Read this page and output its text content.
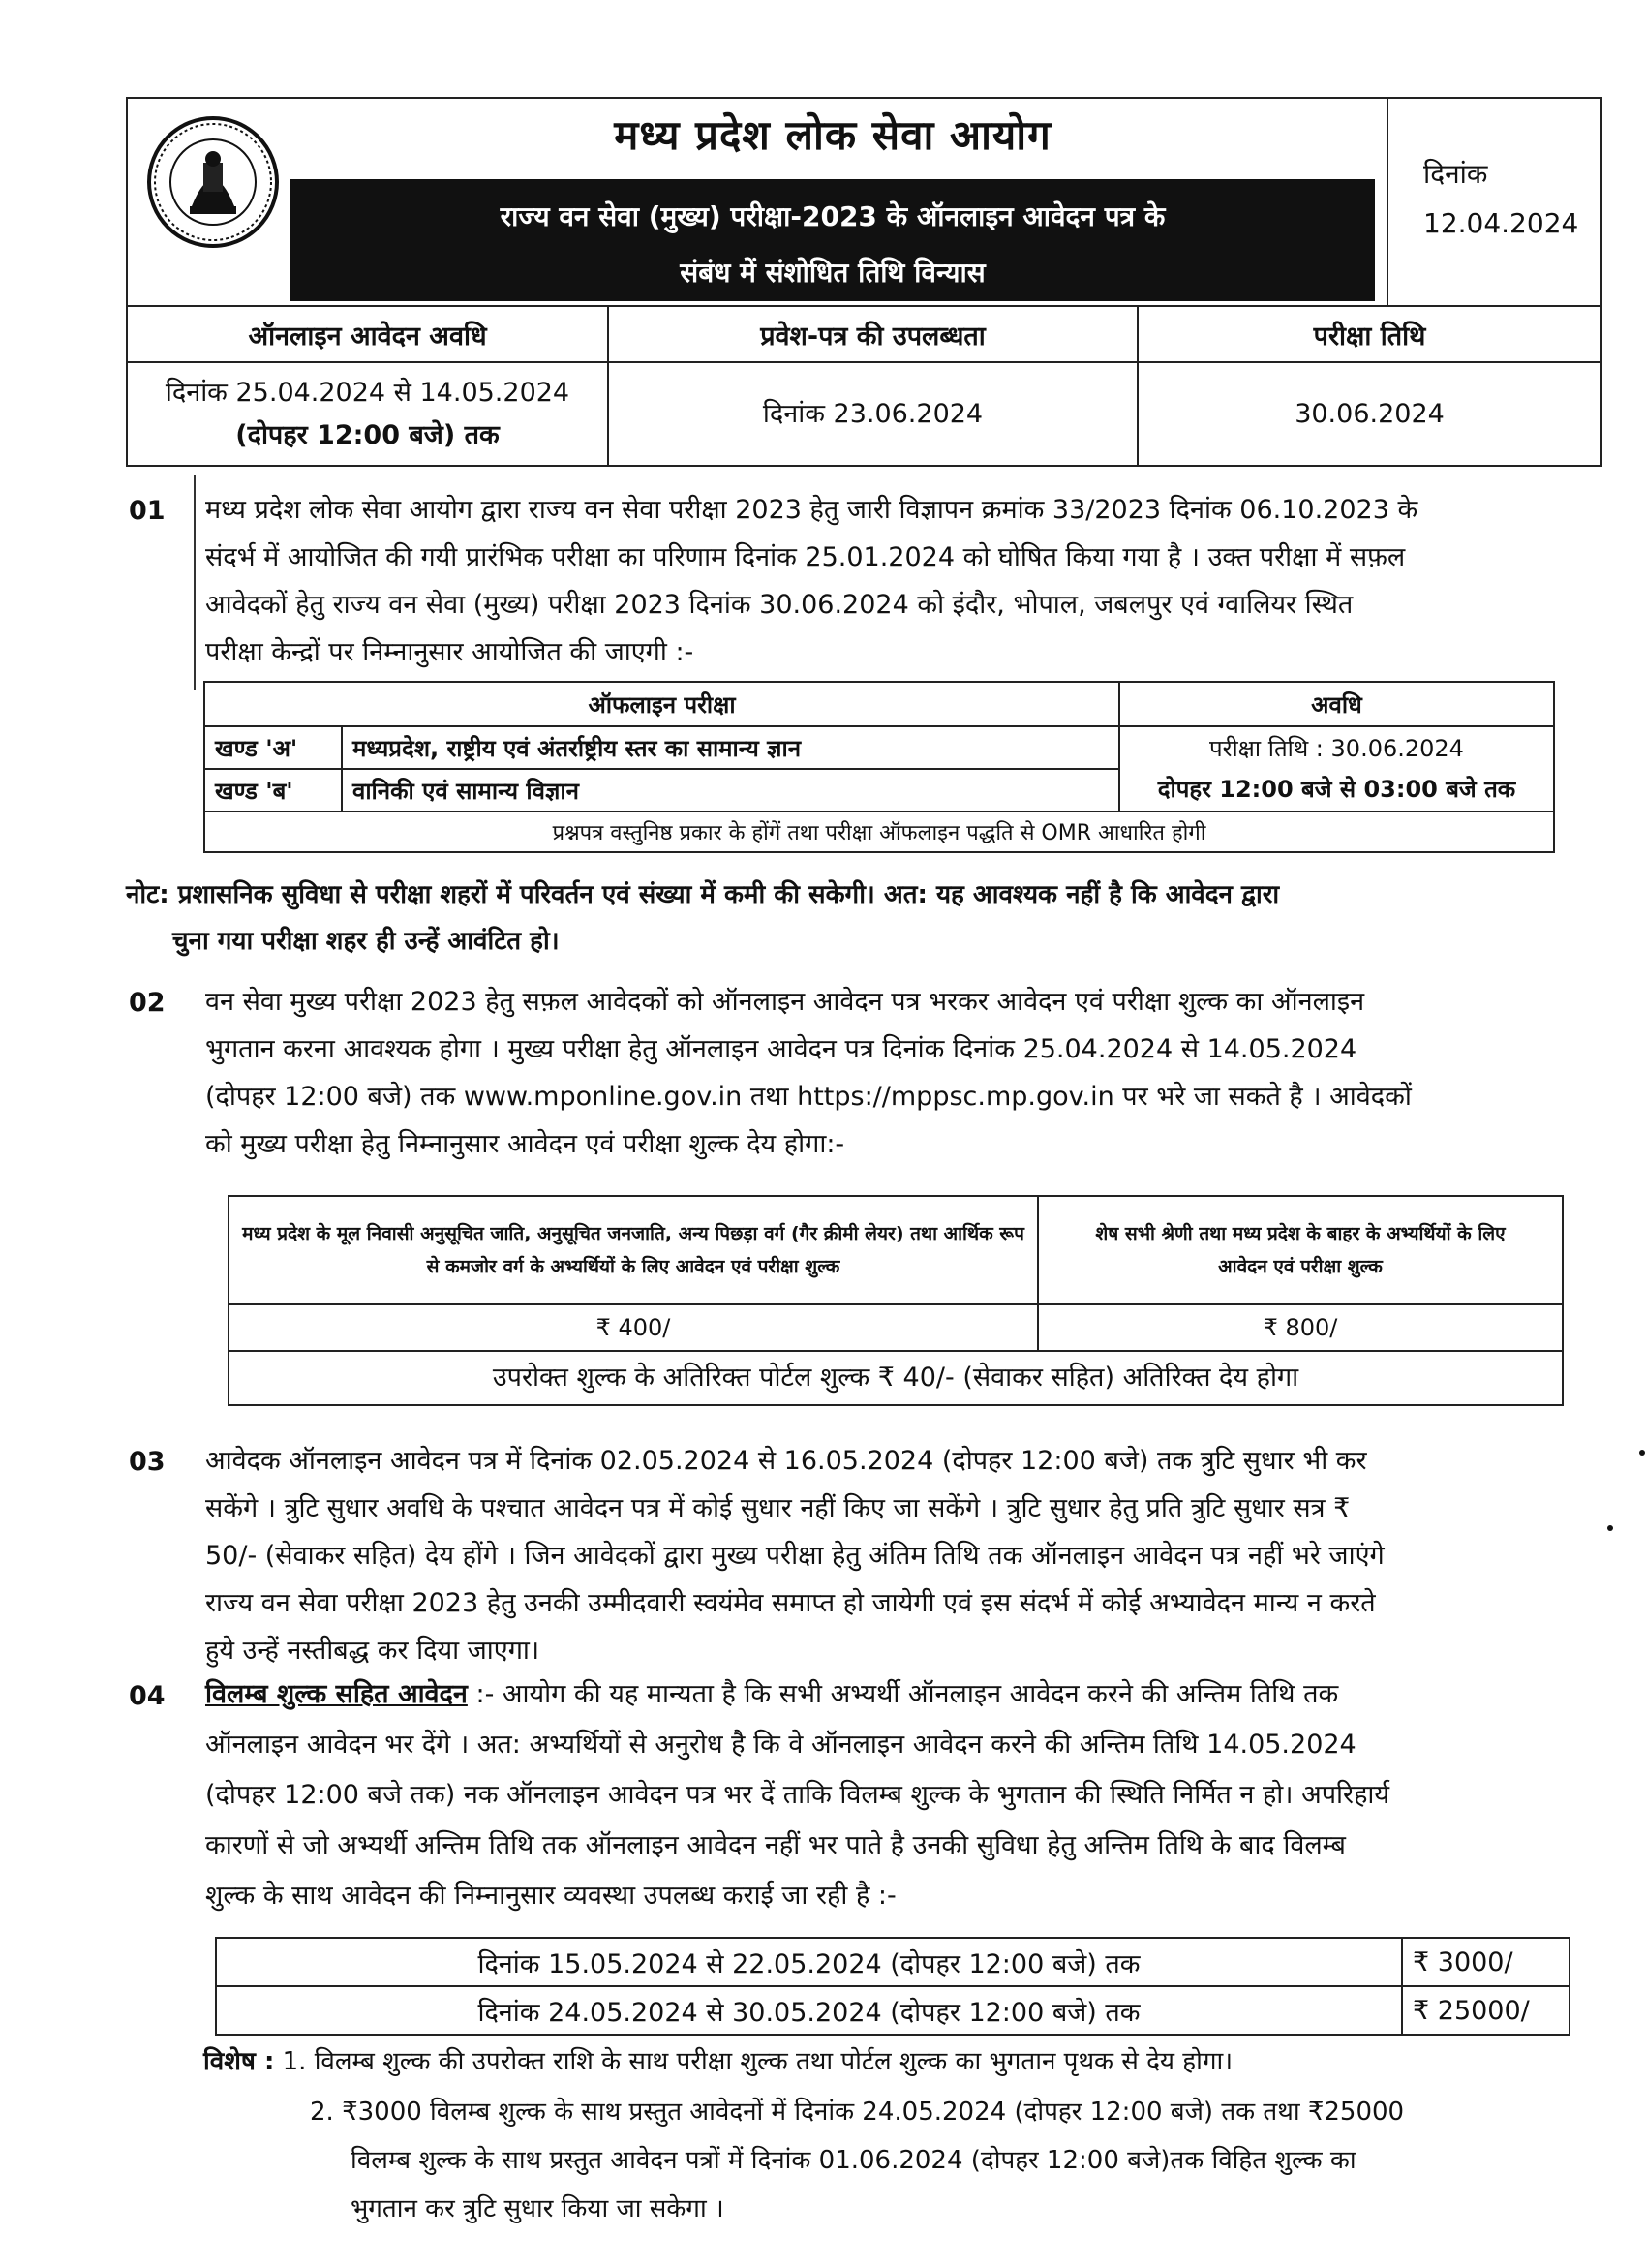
मध्य प्रदेश लोक सेवा आयोग
राज्य वन सेवा (मुख्य) परीक्षा-2023 के ऑनलाइन आवेदन पत्र के
संबंध में संशोधित तिथि विन्यास
दिनांक
12.04.2024
ऑनलाइन आवेदन अवधि	प्रवेश-पत्र की उपलब्धता	परीक्षा तिथि

दिनांक 25.04.2024 से 14.05.2024
(दोपहर 12:00 बजे) तक	दिनांक 23.06.2024	30.06.2024
01 मध्य प्रदेश लोक सेवा आयोग द्वारा राज्य वन सेवा परीक्षा 2023 हेतु जारी विज्ञापन क्रमांक 33/2023 दिनांक 06.10.2023 के
संदर्भ में आयोजित की गयी प्रारंभिक परीक्षा का परिणाम दिनांक 25.01.2024 को घोषित किया गया है । उक्त परीक्षा में सफ़ल
आवेदकों हेतु राज्य वन सेवा (मुख्य) परीक्षा 2023 दिनांक 30.06.2024 को इंदौर, भोपाल, जबलपुर एवं ग्वालियर स्थित
परीक्षा केन्द्रों पर निम्नानुसार आयोजित की जाएगी :-
ऑफलाइन परीक्षा		अवधि
खण्ड 'अ'	मध्यप्रदेश, राष्ट्रीय एवं अंतर्राष्ट्रीय स्तर का सामान्य ज्ञान	परीक्षा तिथि : 30.06.2024
दोपहर 12:00 बजे से 03:00 बजे तक

खण्ड 'ब'	वानिकी एवं सामान्य विज्ञान	
प्रश्नपत्र वस्तुनिष्ठ प्रकार के होंगें तथा परीक्षा ऑफलाइन पद्धति से OMR आधारित होगी		
नोट: प्रशासनिक सुविधा से परीक्षा शहरों में परिवर्तन एवं संख्या में कमी की सकेगी। अत: यह आवश्यक नहीं है कि आवेदन द्वारा
चुना गया परीक्षा शहर ही उन्हें आवंटित हो।
02 वन सेवा मुख्य परीक्षा 2023 हेतु सफ़ल आवेदकों को ऑनलाइन आवेदन पत्र भरकर आवेदन एवं परीक्षा शुल्क का ऑनलाइन
भुगतान करना आवश्यक होगा । मुख्य परीक्षा हेतु ऑनलाइन आवेदन पत्र दिनांक दिनांक 25.04.2024 से 14.05.2024
(दोपहर 12:00 बजे) तक www.mponline.gov.in तथा https://mppsc.mp.gov.in पर भरे जा सकते है । आवेदकों
को मुख्य परीक्षा हेतु निम्नानुसार आवेदन एवं परीक्षा शुल्क देय होगा:-
मध्य प्रदेश के मूल निवासी अनुसूचित जाति, अनुसूचित जनजाति, अन्य पिछड़ा वर्ग (गैर क्रीमी लेयर) तथा आर्थिक रूप से कमजोर वर्ग के अभ्यर्थियों के लिए आवेदन एवं परीक्षा शुल्क	शेष सभी श्रेणी तथा मध्य प्रदेश के बाहर के अभ्यर्थियों के लिए आवेदन एवं परीक्षा शुल्क
₹ 400/	₹ 800/
उपरोक्त शुल्क के अतिरिक्त पोर्टल शुल्क ₹ 40/- (सेवाकर सहित) अतिरिक्त देय होगा	
03 आवेदक ऑनलाइन आवेदन पत्र में दिनांक 02.05.2024 से 16.05.2024 (दोपहर 12:00 बजे) तक त्रुटि सुधार भी कर
सकेंगे । त्रुटि सुधार अवधि के पश्चात आवेदन पत्र में कोई सुधार नहीं किए जा सकेंगे । त्रुटि सुधार हेतु प्रति त्रुटि सुधार सत्र ₹
50/- (सेवाकर सहित) देय होंगे । जिन आवेदकों द्वारा मुख्य परीक्षा हेतु अंतिम तिथि तक ऑनलाइन आवेदन पत्र नहीं भरे जाएंगे
राज्य वन सेवा परीक्षा 2023 हेतु उनकी उम्मीदवारी स्वयंमेव समाप्त हो जायेगी एवं इस संदर्भ में कोई अभ्यावेदन मान्य न करते
हुये उन्हें नस्तीबद्ध कर दिया जाएगा।
04 विलम्ब शुल्क सहित आवेदन :- आयोग की यह मान्यता है कि सभी अभ्यर्थी ऑनलाइन आवेदन करने की अन्तिम तिथि तक
ऑनलाइन आवेदन भर देंगे । अत: अभ्यर्थियों से अनुरोध है कि वे ऑनलाइन आवेदन करने की अन्तिम तिथि 14.05.2024
(दोपहर 12:00 बजे तक) नक ऑनलाइन आवेदन पत्र भर दें ताकि विलम्ब शुल्क के भुगतान की स्थिति निर्मित न हो। अपरिहार्य
कारणों से जो अभ्यर्थी अन्तिम तिथि तक ऑनलाइन आवेदन नहीं भर पाते है उनकी सुविधा हेतु अन्तिम तिथि के बाद विलम्ब
शुल्क के साथ आवेदन की निम्नानुसार व्यवस्था उपलब्ध कराई जा रही है :-
दिनांक 15.05.2024 से 22.05.2024 (दोपहर 12:00 बजे) तक	₹ 3000/
दिनांक 24.05.2024 से 30.05.2024 (दोपहर 12:00 बजे) तक	₹ 25000/
विशेष : 1. विलम्ब शुल्क की उपरोक्त राशि के साथ परीक्षा शुल्क तथा पोर्टल शुल्क का भुगतान पृथक से देय होगा।
2. ₹3000 विलम्ब शुल्क के साथ प्रस्तुत आवेदनों में दिनांक 24.05.2024 (दोपहर 12:00 बजे) तक तथा ₹25000
विलम्ब शुल्क के साथ प्रस्तुत आवेदन पत्रों में दिनांक 01.06.2024 (दोपहर 12:00 बजे)तक विहित शुल्क का
भुगतान कर त्रुटि सुधार किया जा सकेगा ।
